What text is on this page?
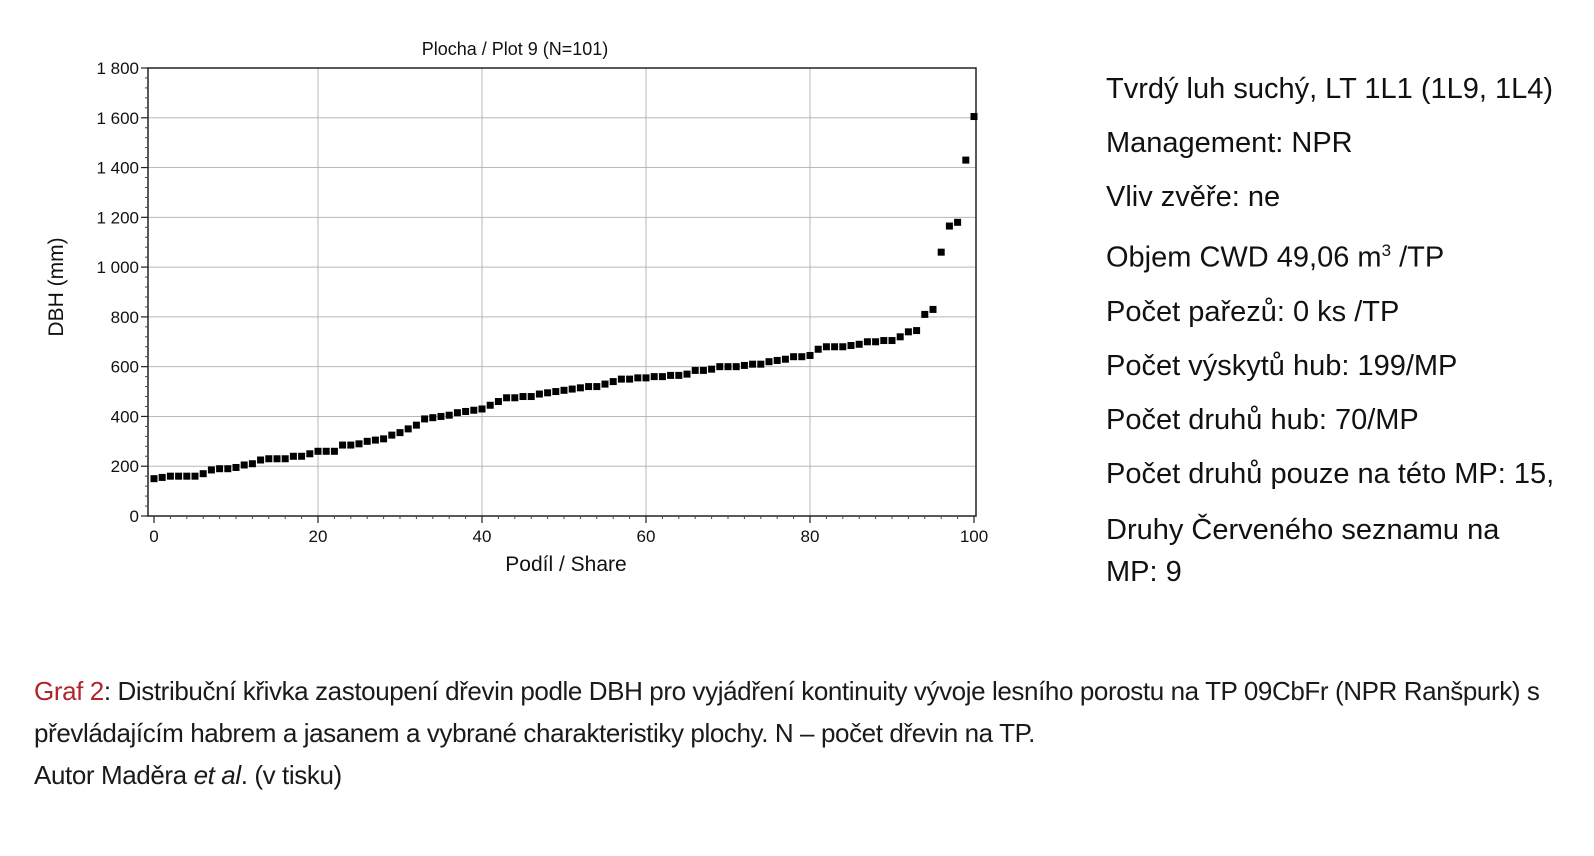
Plocha / Plot 9 (N=101)
0
200
400
600
800
1 000
1 200
1 400
1 600
1 800
0	20	40	60	80	100
Podíl / Share
DBH (mm)
Tvrdý luh suchý, LT 1L1 (1L9, 1L4)
Management: NPR
Vliv zvěře: ne
Objem CWD 49,06 $m^3$ /TP
Počet pařezů: 0 ks /TP
Počet výskytů hub: 199/MP
Počet druhů hub: 70/MP
Počet druhů pouze na této MP: 15,
Druhy Červeného seznamu na MP: 9
Graf 2: Distribuční křivka zastoupení dřevin podle DBH pro vyjádření kontinuity vývoje lesního porostu na TP 09CbFr (NPR Ranšpurk) s převládajícím habrem a jasanem a vybrané charakteristiky plochy. N – počet dřevin na TP.
Autor Maděra et al. (v tisku)
